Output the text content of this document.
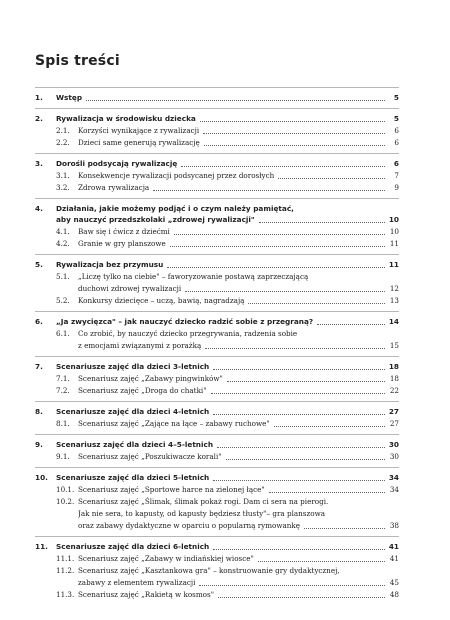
Spis treści
1.	Wstęp	5
2.	Rywalizacja w środowisku dziecka	5
2.1.	Korzyści wynikające z rywalizacji	6
2.2.	Dzieci same generują rywalizację	6
3.	Dorośli podsycają rywalizację	6
3.1.	Konsekwencje rywalizacji podsycanej przez dorosłych	7
3.2.	Zdrowa rywalizacja	9
4.	Działania, jakie możemy podjąć i o czym należy pamiętać,
aby nauczyć przedszkolaki „zdrowej rywalizacji"	10
4.1.	Baw się i ćwicz z dziećmi	10
4.2.	Granie w gry planszowe	11
5.	Rywalizacja bez przymusu	11
5.1.	„Liczę tylko na ciebie" – faworyzowanie postawą zaprzeczającą
duchowi zdrowej rywalizacji	12
5.2.	Konkursy dziecięce – uczą, bawią, nagradzają	13
6.	„Ja zwycięzca" – jak nauczyć dziecko radzić sobie z przegraną?	14
6.1.	Co zrobić, by nauczyć dziecko przegrywania, radzenia sobie
z emocjami związanymi z porażką	15
7.	Scenariusze zajęć dla dzieci 3-letnich	18
7.1.	Scenariusz zajęć „Zabawy pingwinków"	18
7.2.	Scenariusz zajęć „Droga do chatki"	22
8.	Scenariusze zajęć dla dzieci 4-letnich	27
8.1.	Scenariusz zajęć „Zające na łące – zabawy ruchowe"	27
9.	Scenariusz zajęć dla dzieci 4–5-letnich	30
9.1.	Scenariusz zajęć „Poszukiwacze korali"	30
10.	Scenariusze zajęć dla dzieci 5-letnich	34
10.1. Scenariusz zajęć „Sportowe harce na zielonej łące"	34
10.2. Scenariusz zajęć „Ślimak, ślimak pokaż rogi. Dam ci sera na pierogi.
Jak nie sera, to kapusty, od kapusty będziesz tłusty"– gra planszowa
oraz zabawy dydaktyczne w oparciu o popularną rymowankę	38
11.	Scenariusze zajęć dla dzieci 6-letnich	41
11.1. Scenariusz zajęć „Zabawy w indiańskiej wiosce"	41
11.2. Scenariusz zajęć „Kasztankowa gra" – konstruowanie gry dydaktycznej,
zabawy z elementem rywalizacji	45
11.3. Scenariusz zajęć „Rakietą w kosmos"	48
